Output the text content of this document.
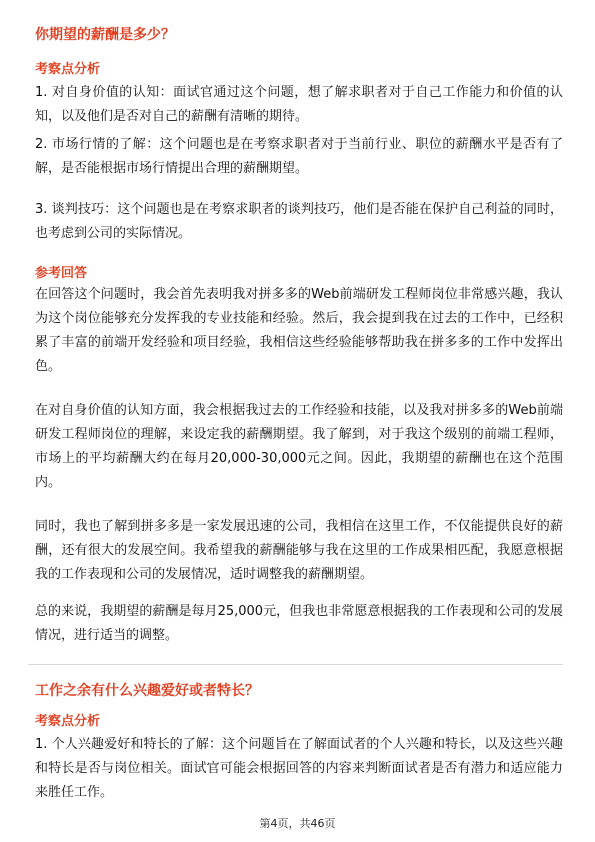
你期望的薪酬是多少？
考察点分析
1. 对自身价值的认知：面试官通过这个问题，想了解求职者对于自己工作能力和价值的认知，以及他们是否对自己的薪酬有清晰的期待。
2. 市场行情的了解：这个问题也是在考察求职者对于当前行业、职位的薪酬水平是否有了解，是否能根据市场行情提出合理的薪酬期望。
3. 谈判技巧：这个问题也是在考察求职者的谈判技巧，他们是否能在保护自己利益的同时，也考虑到公司的实际情况。
参考回答
在回答这个问题时，我会首先表明我对拼多多的Web前端研发工程师岗位非常感兴趣，我认为这个岗位能够充分发挥我的专业技能和经验。然后，我会提到我在过去的工作中，已经积累了丰富的前端开发经验和项目经验，我相信这些经验能够帮助我在拼多多的工作中发挥出色。
在对自身价值的认知方面，我会根据我过去的工作经验和技能，以及我对拼多多的Web前端研发工程师岗位的理解，来设定我的薪酬期望。我了解到，对于我这个级别的前端工程师，市场上的平均薪酬大约在每月20,000-30,000元之间。因此，我期望的薪酬也在这个范围内。
同时，我也了解到拼多多是一家发展迅速的公司，我相信在这里工作，不仅能提供良好的薪酬，还有很大的发展空间。我希望我的薪酬能够与我在这里的工作成果相匹配，我愿意根据我的工作表现和公司的发展情况，适时调整我的薪酬期望。
总的来说，我期望的薪酬是每月25,000元，但我也非常愿意根据我的工作表现和公司的发展情况，进行适当的调整。
工作之余有什么兴趣爱好或者特长？
考察点分析
1. 个人兴趣爱好和特长的了解：这个问题旨在了解面试者的个人兴趣和特长，以及这些兴趣和特长是否与岗位相关。面试官可能会根据回答的内容来判断面试者是否有潜力和适应能力来胜任工作。
第4页，共46页
